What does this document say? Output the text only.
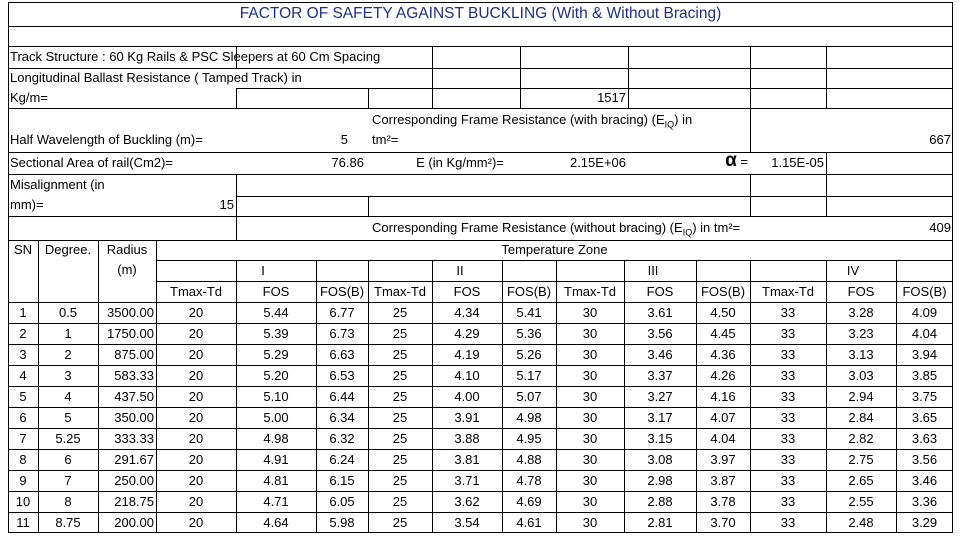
FACTOR OF SAFETY AGAINST BUCKLING (With & Without Bracing)
Track Structure : 60 Kg Rails & PSC Sleepers at 60 Cm Spacing
Longitudinal Ballast Resistance ( Tamped Track) in
Kg/m=	1517
Corresponding Frame Resistance (with bracing) $(E_{IQ})$ in
tm²=	667
Half Wavelength of Buckling (m)=	5
Sectional Area of rail(Cm2)=	76.86	E (in Kg/mm²)=	2.15E+06	α =	1.15E-05
Misalignment (in
mm)=	15
Corresponding Frame Resistance (without bracing) $(E_{IQ})$ in tm²=	409
SN Degree.	Radius
(m)
Temperature Zone
I	II	III	IV
Tmax-Td	FOS	FOS(B) Tmax-Td	FOS	FOS(B) Tmax-Td	FOS	FOS(B)	Tmax-Td	FOS	FOS(B)
1	0.5	3500.00	20	5.44	6.77	25	4.34	5.41	30	3.61	4.50	33	3.28	4.09
2	1	1750.00	20	5.39	6.73	25	4.29	5.36	30	3.56	4.45	33	3.23	4.04
3	2	875.00	20	5.29	6.63	25	4.19	5.26	30	3.46	4.36	33	3.13	3.94
4	3	583.33	20	5.20	6.53	25	4.10	5.17	30	3.37	4.26	33	3.03	3.85
5	4	437.50	20	5.10	6.44	25	4.00	5.07	30	3.27	4.16	33	2.94	3.75
6	5	350.00	20	5.00	6.34	25	3.91	4.98	30	3.17	4.07	33	2.84	3.65
7	5.25	333.33	20	4.98	6.32	25	3.88	4.95	30	3.15	4.04	33	2.82	3.63
8	6	291.67	20	4.91	6.24	25	3.81	4.88	30	3.08	3.97	33	2.75	3.56
9	7	250.00	20	4.81	6.15	25	3.71	4.78	30	2.98	3.87	33	2.65	3.46
10	8	218.75	20	4.71	6.05	25	3.62	4.69	30	2.88	3.78	33	2.55	3.36
11	8.75	200.00	20	4.64	5.98	25	3.54	4.61	30	2.81	3.70	33	2.48	3.29
